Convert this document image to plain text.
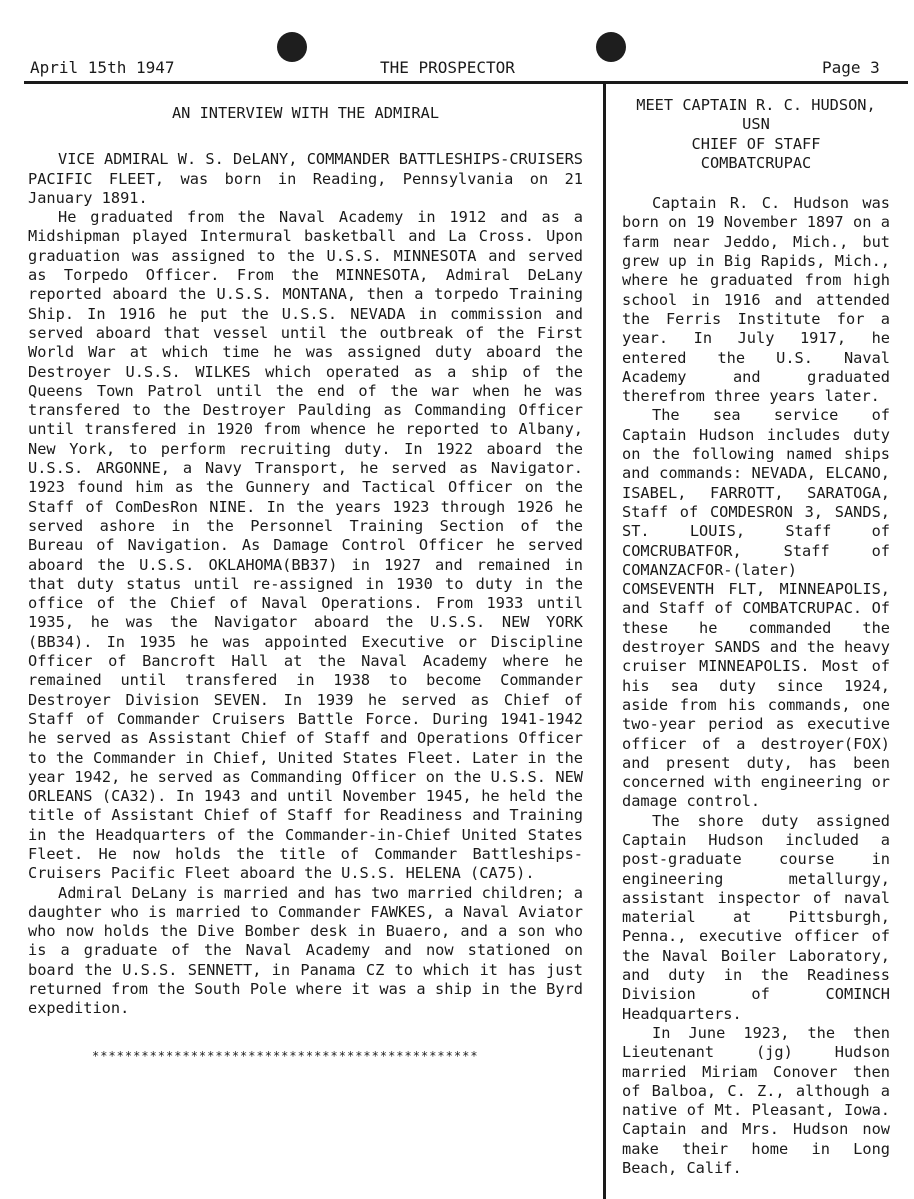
April 15th 1947	THE PROSPECTOR	Page 3

AN INTERVIEW WITH THE ADMIRAL

VICE ADMIRAL W. S. DeLANY, COMMANDER BATTLESHIPS-CRUISERS PACIFIC FLEET, was born in Reading, Pennsylvania on 21 January 1891.

He graduated from the Naval Academy in 1912 and as a Midshipman played Intermural basketball and La Cross. Upon graduation was assigned to the U.S.S. MINNESOTA and served as Torpedo Officer. From the MINNESOTA, Admiral DeLany reported aboard the U.S.S. MONTANA, then a torpedo Training Ship. In 1916 he put the U.S.S. NEVADA in commission and served aboard that vessel until the outbreak of the First World War at which time he was assigned duty aboard the Destroyer U.S.S. WILKES which operated as a ship of the Queens Town Patrol until the end of the war when he was transfered to the Destroyer Paulding as Commanding Officer until transfered in 1920 from whence he reported to Albany, New York, to perform recruiting duty. In 1922 aboard the U.S.S. ARGONNE, a Navy Transport, he served as Navigator. 1923 found him as the Gunnery and Tactical Officer on the Staff of ComDesRon NINE. In the years 1923 through 1926 he served ashore in the Personnel Training Section of the Bureau of Navigation. As Damage Control Officer he served aboard the U.S.S. OKLAHOMA(BB37) in 1927 and remained in that duty status until re-assigned in 1930 to duty in the office of the Chief of Naval Operations. From 1933 until 1935, he was the Navigator aboard the U.S.S. NEW YORK (BB34). In 1935 he was appointed Executive or Discipline Officer of Bancroft Hall at the Naval Academy where he remained until transfered in 1938 to become Commander Destroyer Division SEVEN. In 1939 he served as Chief of Staff of Commander Cruisers Battle Force. During 1941-1942 he served as Assistant Chief of Staff and Operations Officer to the Commander in Chief, United States Fleet. Later in the year 1942, he served as Commanding Officer on the U.S.S. NEW ORLEANS (CA32). In 1943 and until November 1945, he held the title of Assistant Chief of Staff for Readiness and Training in the Headquarters of the Commander-in-Chief United States Fleet. He now holds the title of Commander Battleships-Cruisers Pacific Fleet aboard the U.S.S. HELENA (CA75).

Admiral DeLany is married and has two married children; a daughter who is married to Commander FAWKES, a Naval Aviator who now holds the Dive Bomber desk in Buaero, and a son who is a graduate of the Naval Academy and now stationed on board the U.S.S. SENNETT, in Panama CZ to which it has just returned from the South Pole where it was a ship in the Byrd expedition.

***********************************************

MEET CAPTAIN R. C. HUDSON, USN

CHIEF OF STAFF

COMBATCRUPAC

Captain R. C. Hudson was born on 19 November 1897 on a farm near Jeddo, Mich., but grew up in Big Rapids, Mich., where he graduated from high school in 1916 and attended the Ferris Institute for a year. In July 1917, he entered the U.S. Naval Academy and graduated therefrom three years later.

The sea service of Captain Hudson includes duty on the following named ships and commands: NEVADA, ELCANO, ISABEL, FARROTT, SARATOGA, Staff of COMDESRON 3, SANDS, ST. LOUIS, Staff of COMCRUBATFOR, Staff of COMANZACFOR-(later) COMSEVENTH FLT, MINNEAPOLIS, and Staff of COMBATCRUPAC. Of these he commanded the destroyer SANDS and the heavy cruiser MINNEAPOLIS. Most of his sea duty since 1924, aside from his commands, one two-year period as executive officer of a destroyer(FOX) and present duty, has been concerned with engineering or damage control.

The shore duty assigned Captain Hudson included a post-graduate course in engineering metallurgy, assistant inspector of naval material at Pittsburgh, Penna., executive officer of the Naval Boiler Laboratory, and duty in the Readiness Division of COMINCH Headquarters.

In June 1923, the then Lieutenant (jg) Hudson married Miriam Conover then of Balboa, C. Z., although a native of Mt. Pleasant, Iowa. Captain and Mrs. Hudson now make their home in Long Beach, Calif.
